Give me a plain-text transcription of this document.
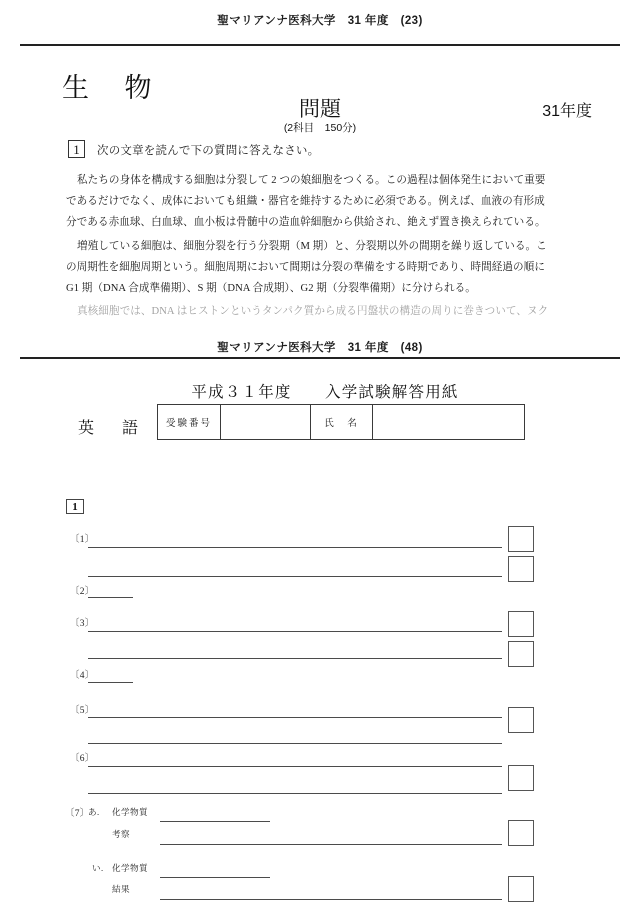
聖マリアンナ医科大学　31 年度　(23)
生 物
問題
(2科目　150分)
31年度
1	次の文章を読んで下の質問に答えなさい。
私たちの身体を構成する細胞は分裂して 2 つの娘細胞をつくる。この過程は個体発生において重要
であるだけでなく、成体においても組織・器官を維持するために必須である。例えば、血液の有形成
分である赤血球、白血球、血小板は骨髄中の造血幹細胞から供給され、絶えず置き換えられている。
増殖している細胞は、細胞分裂を行う分裂期（M 期）と、分裂期以外の間期を繰り返している。こ
の周期性を細胞周期という。細胞周期において間期は分裂の準備をする時期であり、時間経過の順に
G1 期（DNA 合成準備期）、S 期（DNA 合成期）、G2 期（分裂準備期）に分けられる。
真核細胞では、DNA はヒストンというタンパク質から成る円盤状の構造の周りに巻きついて、ヌク
聖マリアンナ医科大学　31 年度　(48)
平成３１年度　　入学試験解答用紙
英 語	受験番号	氏　名
1
〔1〕
〔2〕
〔3〕
〔4〕
〔5〕
〔6〕
〔7〕
あ. 化学物質
考察
い. 化学物質
結果
